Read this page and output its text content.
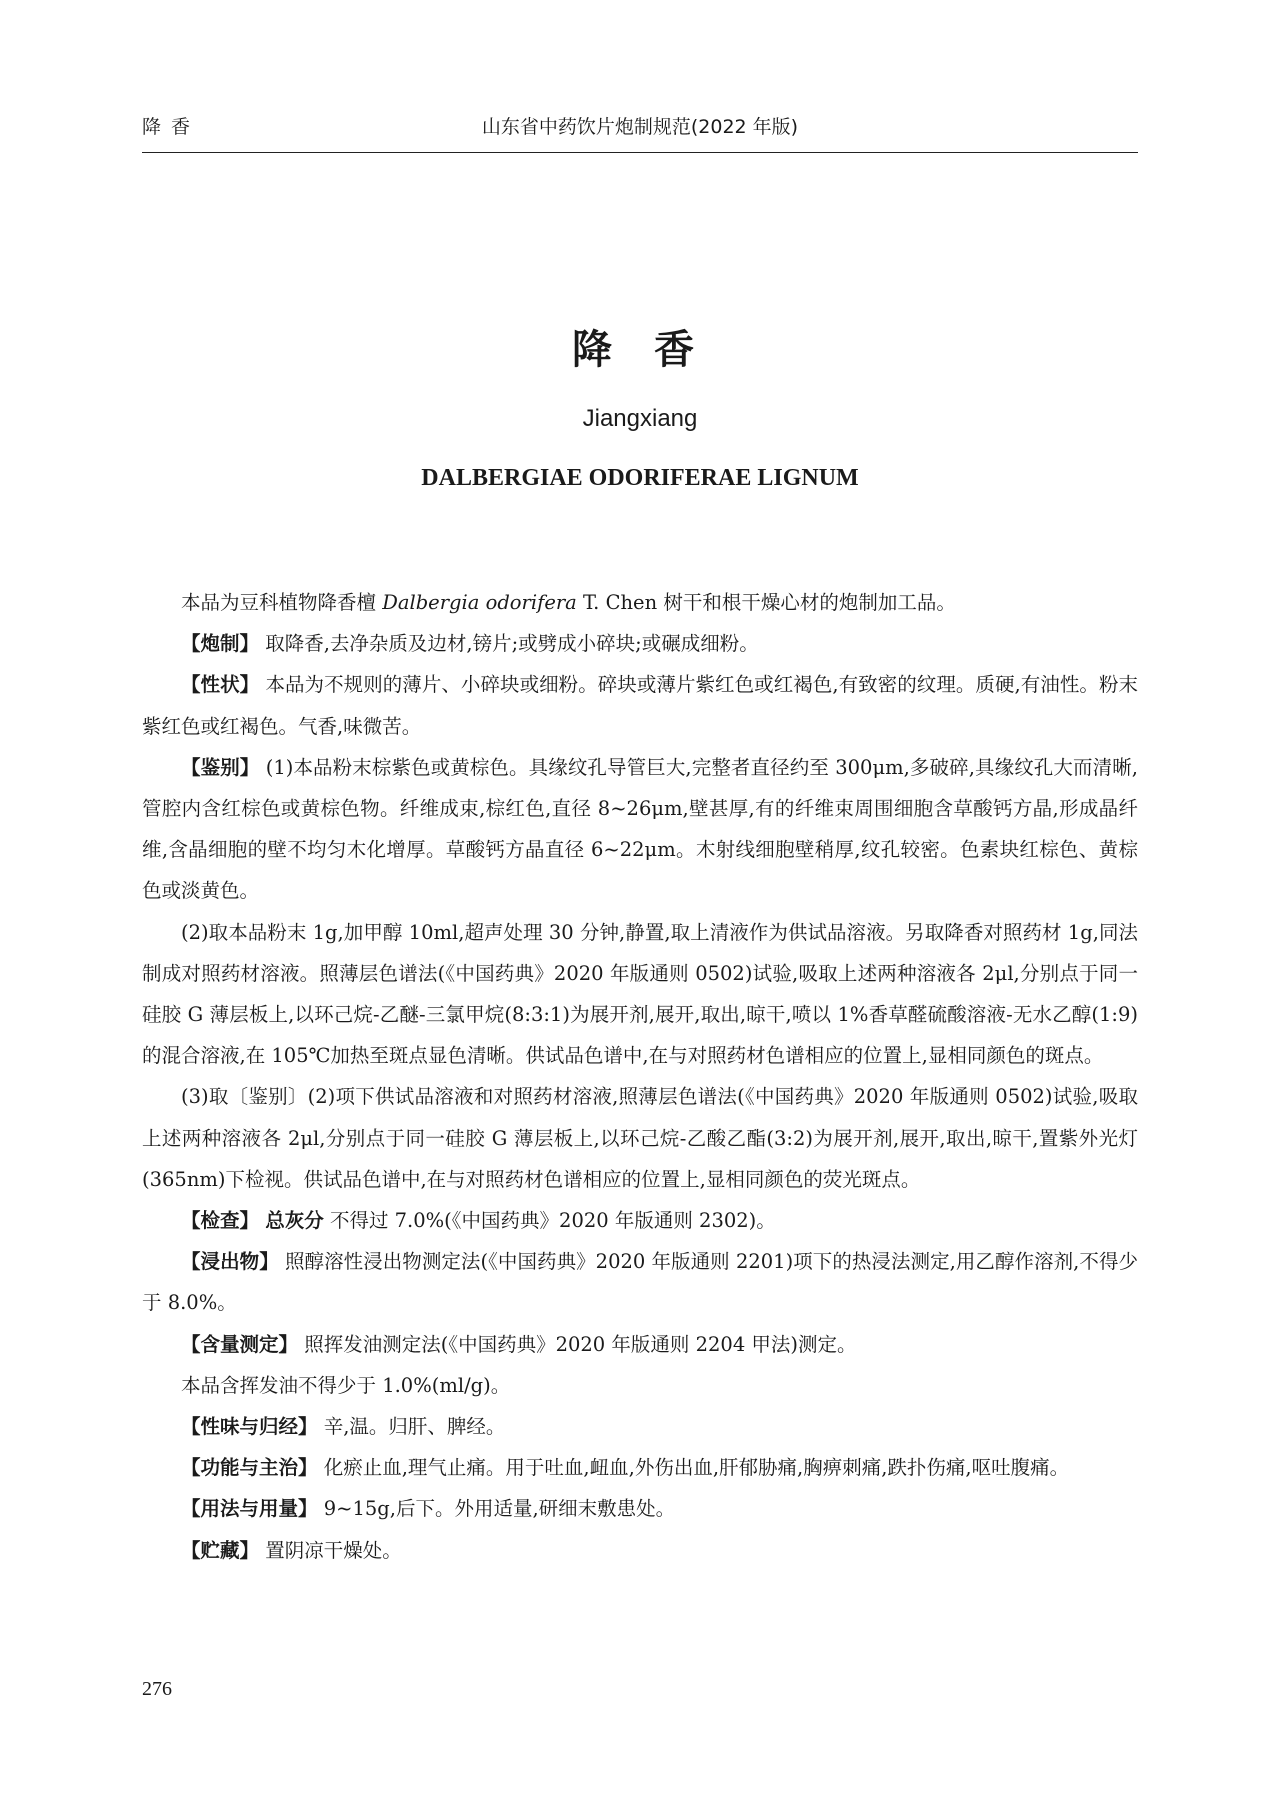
降 香	山东省中药饮片炮制规范(2022 年版)
降 香
Jiangxiang
DALBERGIAE ODORIFERAE LIGNUM

本品为豆科植物降香檀 Dalbergia odorifera T. Chen 树干和根干燥心材的炮制加工品。

【炮制】 取降香,去净杂质及边材,镑片;或劈成小碎块;或碾成细粉。

【性状】 本品为不规则的薄片、小碎块或细粉。碎块或薄片紫红色或红褐色,有致密的纹理。质硬,有油性。粉末紫红色或红褐色。气香,味微苦。

【鉴别】 (1)本品粉末棕紫色或黄棕色。具缘纹孔导管巨大,完整者直径约至 300μm,多破碎,具缘纹孔大而清晰,管腔内含红棕色或黄棕色物。纤维成束,棕红色,直径 8~26μm,壁甚厚,有的纤维束周围细胞含草酸钙方晶,形成晶纤维,含晶细胞的壁不均匀木化增厚。草酸钙方晶直径 6~22μm。木射线细胞壁稍厚,纹孔较密。色素块红棕色、黄棕色或淡黄色。

(2)取本品粉末 1g,加甲醇 10ml,超声处理 30 分钟,静置,取上清液作为供试品溶液。另取降香对照药材 1g,同法制成对照药材溶液。照薄层色谱法(《中国药典》2020 年版通则 0502)试验,吸取上述两种溶液各 2μl,分别点于同一硅胶 G 薄层板上,以环己烷-乙醚-三氯甲烷(8:3:1)为展开剂,展开,取出,晾干,喷以 1%香草醛硫酸溶液-无水乙醇(1:9)的混合溶液,在 105℃加热至斑点显色清晰。供试品色谱中,在与对照药材色谱相应的位置上,显相同颜色的斑点。

(3)取〔鉴别〕(2)项下供试品溶液和对照药材溶液,照薄层色谱法(《中国药典》2020 年版通则 0502)试验,吸取上述两种溶液各 2μl,分别点于同一硅胶 G 薄层板上,以环己烷-乙酸乙酯(3:2)为展开剂,展开,取出,晾干,置紫外光灯(365nm)下检视。供试品色谱中,在与对照药材色谱相应的位置上,显相同颜色的荧光斑点。

【检查】 总灰分 不得过 7.0%(《中国药典》2020 年版通则 2302)。

【浸出物】 照醇溶性浸出物测定法(《中国药典》2020 年版通则 2201)项下的热浸法测定,用乙醇作溶剂,不得少于 8.0%。

【含量测定】 照挥发油测定法(《中国药典》2020 年版通则 2204 甲法)测定。

本品含挥发油不得少于 1.0%(ml/g)。

【性味与归经】 辛,温。归肝、脾经。

【功能与主治】 化瘀止血,理气止痛。用于吐血,衄血,外伤出血,肝郁胁痛,胸痹刺痛,跌扑伤痛,呕吐腹痛。

【用法与用量】 9~15g,后下。外用适量,研细末敷患处。

【贮藏】 置阴凉干燥处。

276
